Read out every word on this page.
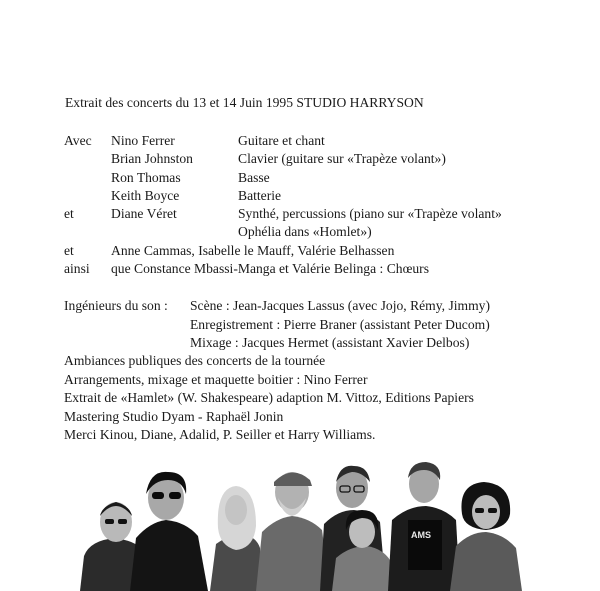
Extrait des concerts du 13 et 14 Juin 1995 STUDIO HARRYSON
Avec Nino Ferrer	Guitare et chant
Brian Johnston	Clavier (guitare sur «Trapèze volant»)
Ron Thomas	Basse
Keith Boyce	Batterie
et	Diane Véret	Synthé, percussions (piano sur «Trapèze volant»
Ophélia dans «Homlet»)
et	Anne Cammas, Isabelle le Mauff, Valérie Belhassen
ainsi que Constance Mbassi-Manga et Valérie Belinga : Chœurs
Ingénieurs du son : Scène : Jean-Jacques Lassus (avec Jojo, Rémy, Jimmy)
Enregistrement : Pierre Braner (assistant Peter Ducom)
Mixage : Jacques Hermet (assistant Xavier Delbos)
Ambiances publiques des concerts de la tournée
Arrangements, mixage et maquette boitier : Nino Ferrer
Extrait de «Hamlet» (W. Shakespeare) adaption M. Vittoz, Editions Papiers
Mastering Studio Dyam - Raphaël Jonin
Merci Kinou, Diane, Adalid, P. Seiller et Harry Williams.
AMS
